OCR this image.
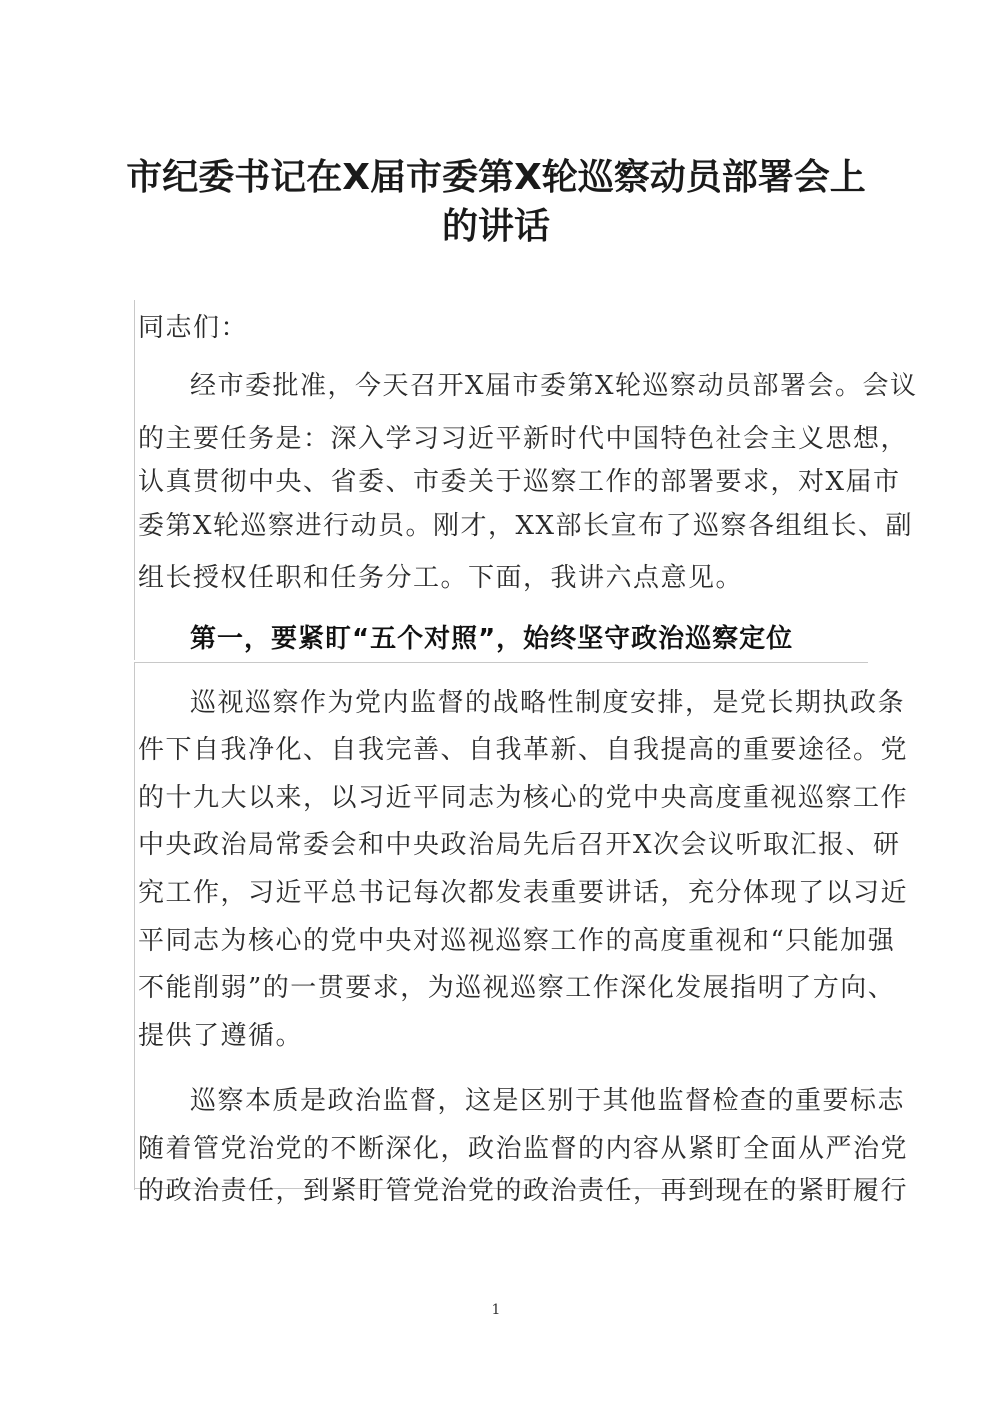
市纪委书记在X届市委第X轮巡察动员部署会上
的讲话
同志们：
经市委批准，今天召开X届市委第X轮巡察动员部署会。会议
的主要任务是：深入学习习近平新时代中国特色社会主义思想，
认真贯彻中央、省委、市委关于巡察工作的部署要求，对X届市
委第X轮巡察进行动员。刚才，XX部长宣布了巡察各组组长、副
组长授权任职和任务分工。下面，我讲六点意见。
第一，要紧盯“五个对照”，始终坚守政治巡察定位
巡视巡察作为党内监督的战略性制度安排，是党长期执政条
件下自我净化、自我完善、自我革新、自我提高的重要途径。党
的十九大以来，以习近平同志为核心的党中央高度重视巡察工作
中央政治局常委会和中央政治局先后召开X次会议听取汇报、研
究工作，习近平总书记每次都发表重要讲话，充分体现了以习近
平同志为核心的党中央对巡视巡察工作的高度重视和“只能加强
不能削弱”的一贯要求，为巡视巡察工作深化发展指明了方向、
提供了遵循。
巡察本质是政治监督，这是区别于其他监督检查的重要标志
随着管党治党的不断深化，政治监督的内容从紧盯全面从严治党
的政治责任，到紧盯管党治党的政治责任，再到现在的紧盯履行
1
